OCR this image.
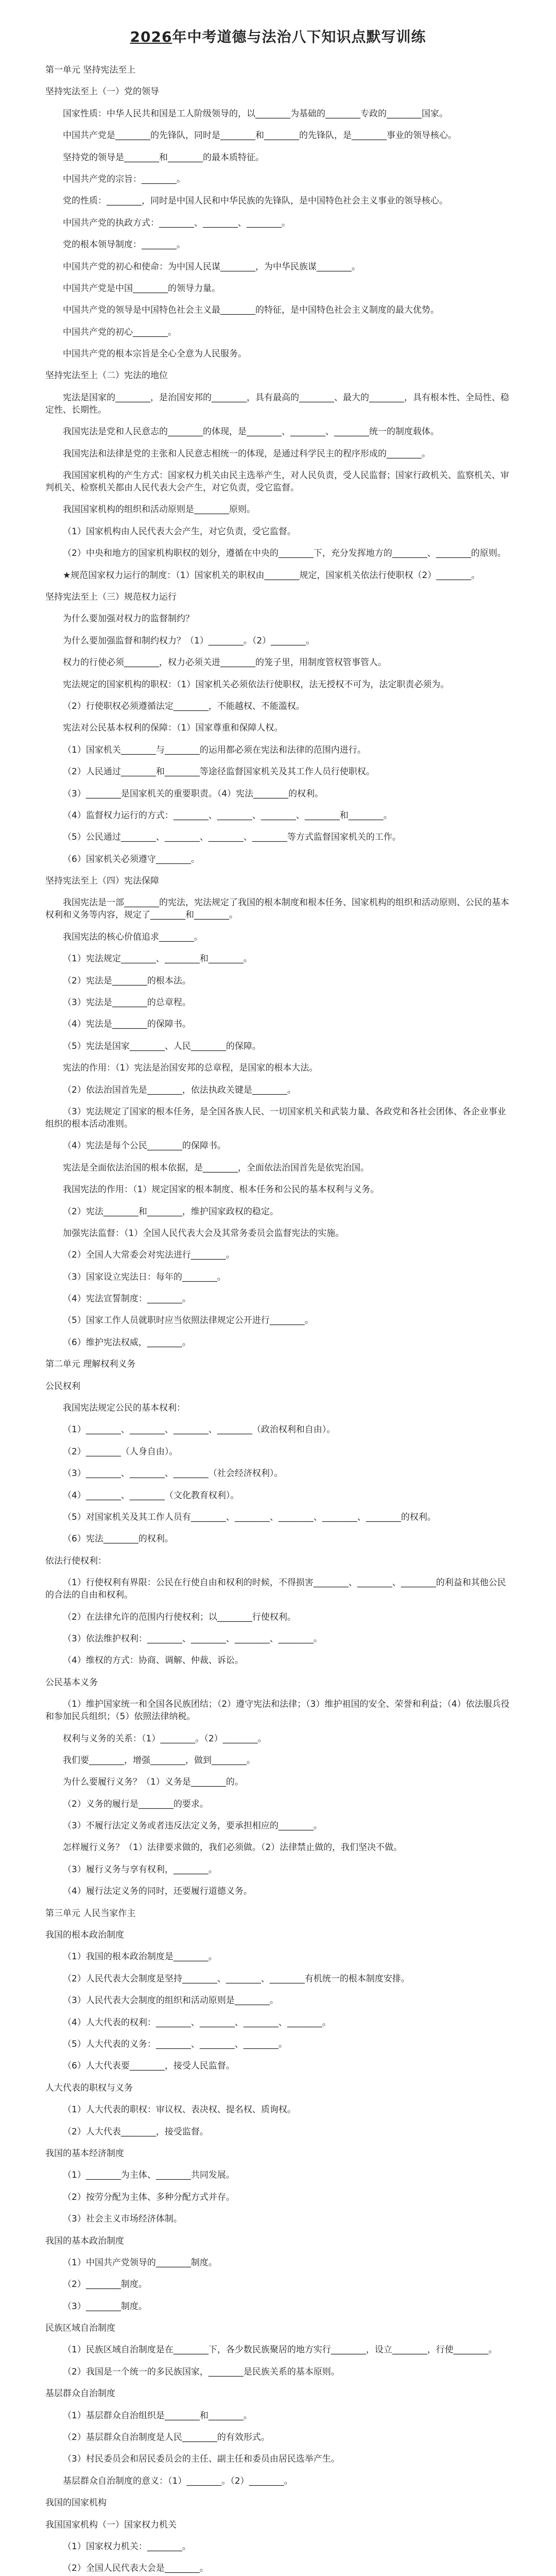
2026年中考道德与法治八下知识点默写训练

第一单元 坚持宪法至上

坚持宪法至上（一）党的领导

国家性质：中华人民共和国是工人阶级领导的，以________为基础的________专政的________国家。

中国共产党是________的先锋队，同时是________和________的先锋队，是________事业的领导核心。

坚持党的领导是________和________的最本质特征。

中国共产党的宗旨：________。

党的性质：________，同时是中国人民和中华民族的先锋队，是中国特色社会主义事业的领导核心。

中国共产党的执政方式：________、________、________。

党的根本领导制度：________。

中国共产党的初心和使命：为中国人民谋________，为中华民族谋________。

中国共产党是中国________的领导力量。

中国共产党的领导是中国特色社会主义最________的特征，是中国特色社会主义制度的最大优势。

中国共产党的初心________。

中国共产党的根本宗旨是全心全意为人民服务。

坚持宪法至上（二）宪法的地位

宪法是国家的________，是治国安邦的________，具有最高的________、最大的________，具有根本性、全局性、稳定性、长期性。

我国宪法是党和人民意志的________的体现，是________、________、________统一的制度载体。

我国宪法和法律是党的主张和人民意志相统一的体现，是通过科学民主的程序形成的________。

我国国家机构的产生方式：国家权力机关由民主选举产生，对人民负责，受人民监督；国家行政机关、监察机关、审判机关、检察机关都由人民代表大会产生，对它负责，受它监督。

我国国家机构的组织和活动原则是________原则。

（1）国家机构由人民代表大会产生，对它负责，受它监督。

（2）中央和地方的国家机构职权的划分，遵循在中央的________下，充分发挥地方的________、________的原则。

★规范国家权力运行的制度：（1）国家机关的职权由________规定，国家机关依法行使职权（2）________。

坚持宪法至上（三）规范权力运行

为什么要加强对权力的监督制约？

为什么要加强监督和制约权力？（1）________。（2）________。

权力的行使必须________，权力必须关进________的笼子里，用制度管权管事管人。

宪法规定的国家机构的职权：（1）国家机关必须依法行使职权，法无授权不可为，法定职责必须为。

（2）行使职权必须遵循法定________，不能越权、不能滥权。

宪法对公民基本权利的保障：（1）国家尊重和保障人权。

（1）国家机关________与________的运用都必须在宪法和法律的范围内进行。

（2）人民通过________和________等途径监督国家机关及其工作人员行使职权。

（3）________是国家机关的重要职责。（4）宪法________的权利。

（4）监督权力运行的方式：________、________、________、________和________。

（5）公民通过________、________、________、________等方式监督国家机关的工作。

（6）国家机关必须遵守________。

坚持宪法至上（四）宪法保障

我国宪法是一部________的宪法，宪法规定了我国的根本制度和根本任务、国家机构的组织和活动原则、公民的基本权利和义务等内容，规定了________和________。

我国宪法的核心价值追求________。

（1）宪法规定________、________和________。

（2）宪法是________的根本法。

（3）宪法是________的总章程。

（4）宪法是________的保障书。

（5）宪法是国家________、人民________的保障。

宪法的作用：（1）宪法是治国安邦的总章程，是国家的根本大法。

（2）依法治国首先是________，依法执政关键是________。

（3）宪法规定了国家的根本任务，是全国各族人民、一切国家机关和武装力量、各政党和各社会团体、各企业事业组织的根本活动准则。

（4）宪法是每个公民________的保障书。

宪法是全面依法治国的根本依据，是________，全面依法治国首先是依宪治国。

我国宪法的作用：（1）规定国家的根本制度、根本任务和公民的基本权利与义务。

（2）宪法________和________，维护国家政权的稳定。

加强宪法监督：（1）全国人民代表大会及其常务委员会监督宪法的实施。

（2）全国人大常委会对宪法进行________。

（3）国家设立宪法日：每年的________。

（4）宪法宣誓制度：________。

（5）国家工作人员就职时应当依照法律规定公开进行________。

（6）维护宪法权威，________。

第二单元 理解权利义务

公民权利

我国宪法规定公民的基本权利：

（1）________、________、________、________（政治权利和自由）。

（2）________（人身自由）。

（3）________、________、________（社会经济权利）。

（4）________、________（文化教育权利）。

（5）对国家机关及其工作人员有________、________、________、________、________的权利。

（6）宪法________的权利。

依法行使权利：

（1）行使权利有界限：公民在行使自由和权利的时候，不得损害________、________、________的利益和其他公民的合法的自由和权利。

（2）在法律允许的范围内行使权利；以________行使权利。

（3）依法维护权利：________、________、________、________。

（4）维权的方式：协商、调解、仲裁、诉讼。

公民基本义务

（1）维护国家统一和全国各民族团结；（2）遵守宪法和法律；（3）维护祖国的安全、荣誉和利益；（4）依法服兵役和参加民兵组织；（5）依照法律纳税。

权利与义务的关系：（1）________。（2）________。

我们要________，增强________，做到________。

为什么要履行义务？（1）义务是________的。

（2）义务的履行是________的要求。

（3）不履行法定义务或者违反法定义务，要承担相应的________。

怎样履行义务？（1）法律要求做的，我们必须做。（2）法律禁止做的，我们坚决不做。

（3）履行义务与享有权利，________。

（4）履行法定义务的同时，还要履行道德义务。

第三单元 人民当家作主

我国的根本政治制度

（1）我国的根本政治制度是________。

（2）人民代表大会制度是坚持________、________、________有机统一的根本制度安排。

（3）人民代表大会制度的组织和活动原则是________。

（4）人大代表的权利：________、________、________、________。

（5）人大代表的义务：________、________、________。

（6）人大代表要________，接受人民监督。

人大代表的职权与义务

（1）人大代表的职权：审议权、表决权、提名权、质询权。

（2）人大代表________，接受监督。

我国的基本经济制度

（1）________为主体、________共同发展。

（2）按劳分配为主体、多种分配方式并存。

（3）社会主义市场经济体制。

我国的基本政治制度

（1）中国共产党领导的________制度。

（2）________制度。

（3）________制度。

民族区域自治制度

（1）民族区域自治制度是在________下，各少数民族聚居的地方实行________，设立________，行使________。

（2）我国是一个统一的多民族国家，________是民族关系的基本原则。

基层群众自治制度

（1）基层群众自治组织是________和________。

（2）基层群众自治制度是人民________的有效形式。

（3）村民委员会和居民委员会的主任、副主任和委员由居民选举产生。

基层群众自治制度的意义：（1）________。（2）________。

我国的国家机构

我国国家机构（一）国家权力机关

（1）国家权力机关：________。

（2）全国人民代表大会是________。
